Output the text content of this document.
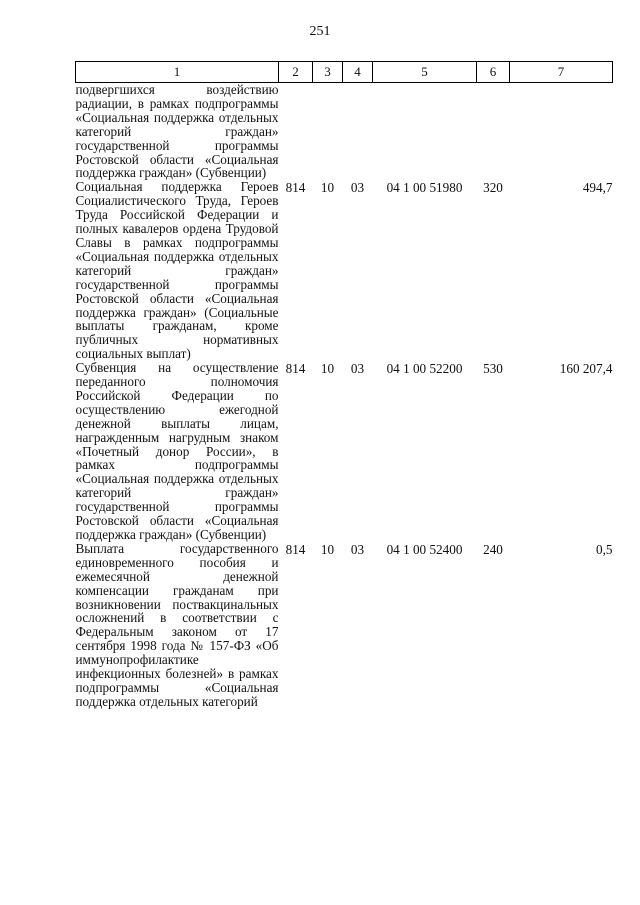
251
1	2	3	4	5	6	7

подвергшихся воздействию радиации, в рамках подпрограммы «Социальная поддержка отдельных категорий граждан» государственной программы Ростовской области «Социальная поддержка граждан» (Субвенции)						

Социальная поддержка Героев Социалистического Труда, Героев Труда Российской Федерации и полных кавалеров ордена Трудовой Славы в рамках подпрограммы «Социальная поддержка отдельных категорий граждан» государственной программы Ростовской области «Социальная поддержка граждан» (Социальные выплаты гражданам, кроме публичных нормативных социальных выплат)	814	10	03	04 1 00 51980	320	494,7

Субвенция на осуществление переданного полномочия Российской Федерации по осуществлению ежегодной денежной выплаты лицам, награжденным нагрудным знаком «Почетный донор России», в рамках подпрограммы «Социальная поддержка отдельных категорий граждан» государственной программы Ростовской области «Социальная поддержка граждан» (Субвенции)	814	10	03	04 1 00 52200	530	160 207,4

Выплата государственного единовременного пособия и ежемесячной денежной компенсации гражданам при возникновении поствакцинальных осложнений в соответствии с Федеральным законом от 17 сентября 1998 года № 157-ФЗ «Об иммунопрофилактике инфекционных болезней» в рамках подпрограммы «Социальная поддержка отдельных категорий	814	10	03	04 1 00 52400	240	0,5
